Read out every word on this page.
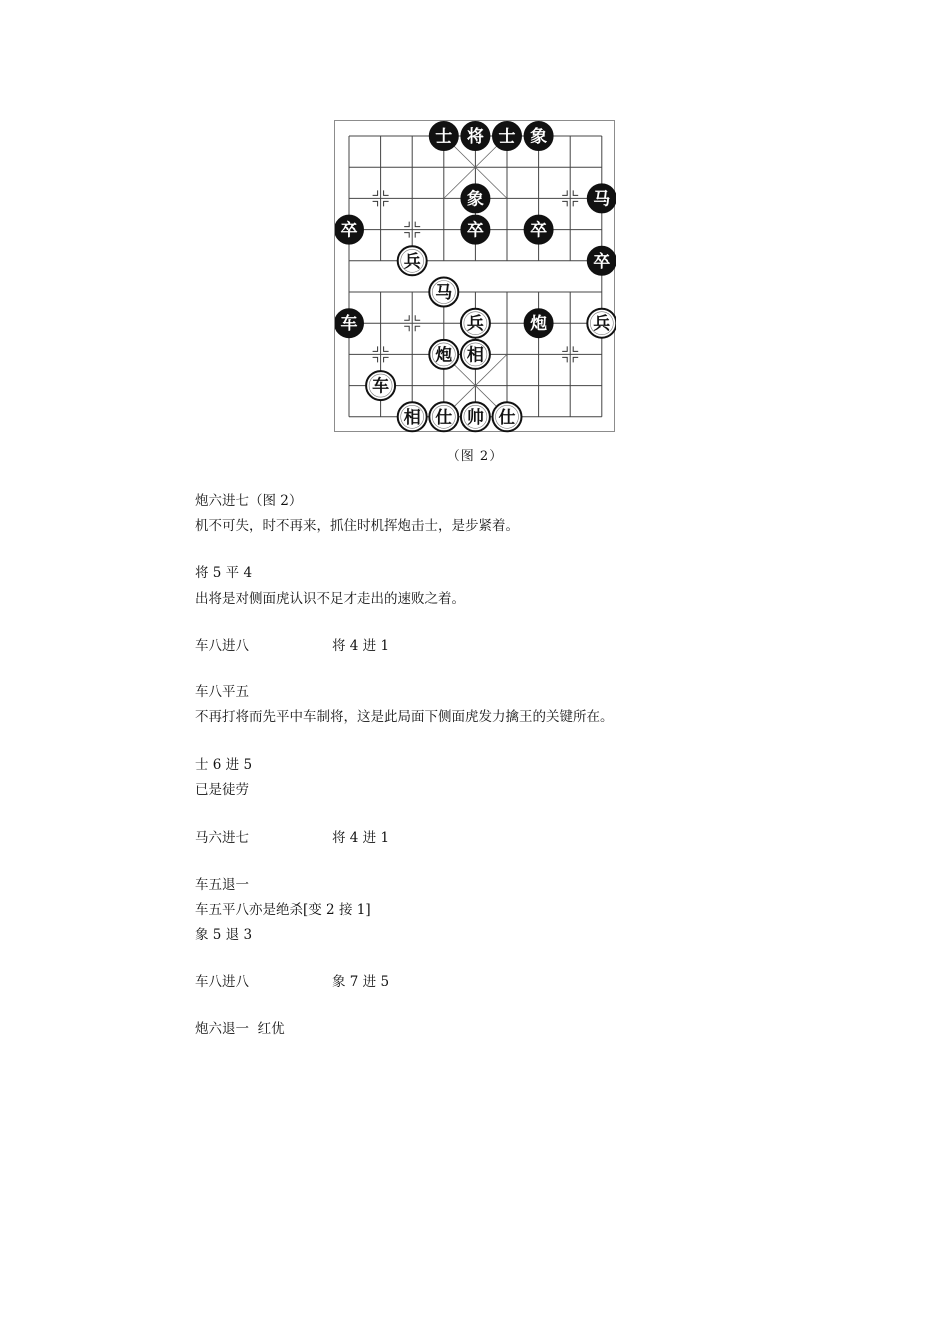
士 将 士 象
象	马
卒	卒	卒
卒
兵
马
车	兵	炮	兵
炮 相
车
相 仕 帅 仕
（图 2）
炮六进七（图 2）
机不可失，时不再来，抓住时机挥炮击士，是步紧着。
将 5 平 4
出将是对侧面虎认识不足才走出的速败之着。
车八进八	将 4 进 1
车八平五
不再打将而先平中车制将，这是此局面下侧面虎发力擒王的关键所在。
士 6 进 5
已是徒劳
马六进七	将 4 进 1
车五退一
车五平八亦是绝杀[变 2 接 1]
象 5 退 3
车八进八	象 7 进 5
炮六退一  红优
